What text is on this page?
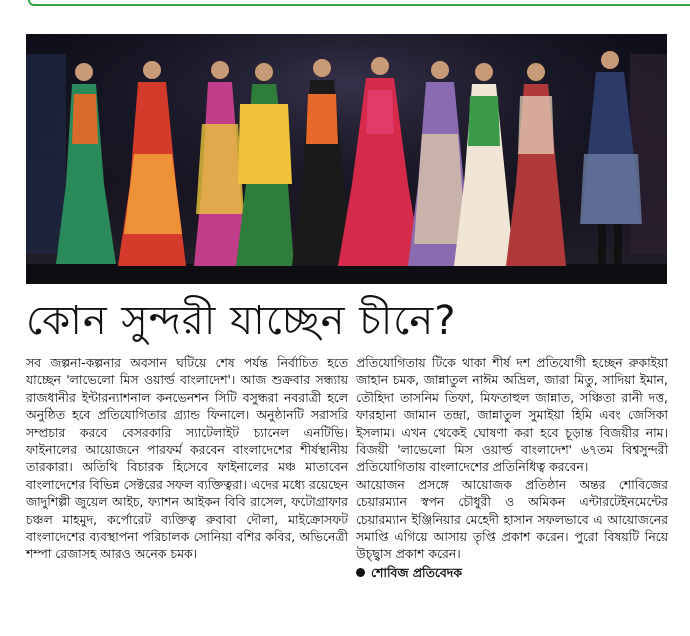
কোন সুন্দরী যাচ্ছেন চীনে?

সব জল্পনা-কল্পনার অবসান ঘটিয়ে শেষ পর্যন্ত নির্বাচিত হতে যাচ্ছেন 'লাভেলো মিস ওয়ার্ল্ড বাংলাদেশ'। আজ শুক্রবার সন্ধ্যায় রাজধানীর ইন্টারন্যাশনাল কনভেনশন সিটি বসুন্ধরা নবরাত্রী হলে অনুষ্ঠিত হবে প্রতিযোগিতার গ্র্যান্ড ফিনালে। অনুষ্ঠানটি সরাসরি সম্প্রচার করবে বেসরকারি স্যাটেলাইট চ্যানেল এনটিভি। ফাইনালের আয়োজনে পারফর্ম করবেন বাংলাদেশের শীর্ষস্থানীয় তারকারা। অতিথি বিচারক হিসেবে ফাইনালের মঞ্চ মাতাবেন বাংলাদেশের বিভিন্ন সেক্টরের সফল ব্যক্তিত্বরা। এদের মধ্যে রয়েছেন জাদুশিল্পী জুয়েল আইচ, ফ্যাশন আইকন বিবি রাসেল, ফটোগ্রাফার চঞ্চল মাহমুদ, কর্পোরেট ব্যক্তিত্ব রুবাবা দৌলা, মাইক্রোসফট বাংলাদেশের ব্যবস্থাপনা পরিচালক সোনিয়া বশির কবির, অভিনেত্রী শম্পা রেজাসহ আরও অনেক চমক।

প্রতিযোগিতায় টিকে থাকা শীর্ষ দশ প্রতিযোগী হচ্ছেন রুকাইয়া জাহান চমক, জান্নাতুল নাঈম অভ্রিল, জারা মিতু, সাদিয়া ইমান, তৌহিদা তাসনিম তিফা, মিফতাহুল জান্নাত, সঞ্চিতা রানী দত্ত, ফারহানা জামান তন্দ্রা, জান্নাতুল সুমাইয়া হিমি এবং জেসিকা ইসলাম। এখন থেকেই ঘোষণা করা হবে চূড়ান্ত বিজয়ীর নাম। বিজয়ী 'লাভেলো মিস ওয়ার্ল্ড বাংলাদেশ' ৬৭তম বিশ্বসুন্দরী প্রতিযোগিতায় বাংলাদেশের প্রতিনিধিত্ব করবেন।

আয়োজন প্রসঙ্গে আয়োজক প্রতিষ্ঠান অন্তর শোবিজের চেয়ারম্যান স্বপন চৌধুরী ও অমিকন এন্টারটেইনমেন্টের চেয়ারম্যান ইঞ্জিনিয়ার মেহেদী হাসান সফলভাবে এ আয়োজনের সমাপ্তি এগিয়ে আসায় তৃপ্তি প্রকাশ করেন। পুরো বিষয়টি নিয়ে উচ্ছ্বাস প্রকাশ করেন।

শোবিজ প্রতিবেদক
